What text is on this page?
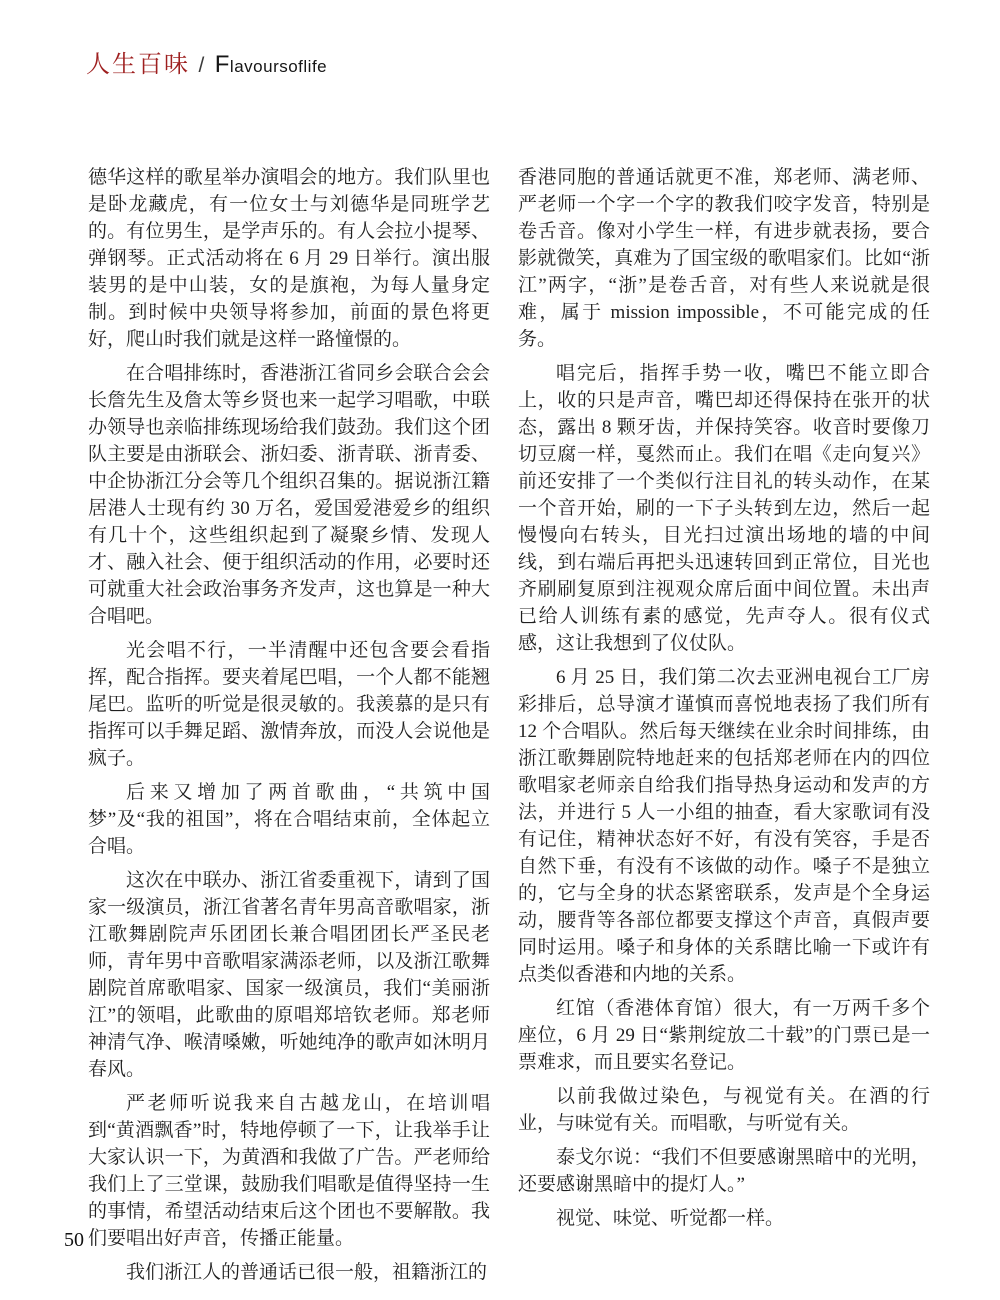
人生百味 / Flavoursoflife

德华这样的歌星举办演唱会的地方。我们队里也是卧龙藏虎，有一位女士与刘德华是同班学艺的。有位男生，是学声乐的。有人会拉小提琴、弹钢琴。正式活动将在 6 月 29 日举行。演出服装男的是中山装，女的是旗袍，为每人量身定制。到时候中央领导将参加，前面的景色将更好，爬山时我们就是这样一路憧憬的。

在合唱排练时，香港浙江省同乡会联合会会长詹先生及詹太等乡贤也来一起学习唱歌，中联办领导也亲临排练现场给我们鼓劲。我们这个团队主要是由浙联会、浙妇委、浙青联、浙青委、中企协浙江分会等几个组织召集的。据说浙江籍居港人士现有约 30 万名，爱国爱港爱乡的组织有几十个，这些组织起到了凝聚乡情、发现人才、融入社会、便于组织活动的作用，必要时还可就重大社会政治事务齐发声，这也算是一种大合唱吧。

光会唱不行，一半清醒中还包含要会看指挥，配合指挥。要夹着尾巴唱，一个人都不能翘尾巴。监听的听觉是很灵敏的。我羡慕的是只有指挥可以手舞足蹈、激情奔放，而没人会说他是疯子。

后来又增加了两首歌曲，“共筑中国梦”及“我的祖国”，将在合唱结束前，全体起立合唱。

这次在中联办、浙江省委重视下，请到了国家一级演员，浙江省著名青年男高音歌唱家，浙江歌舞剧院声乐团团长兼合唱团团长严圣民老师，青年男中音歌唱家满添老师，以及浙江歌舞剧院首席歌唱家、国家一级演员，我们“美丽浙江”的领唱，此歌曲的原唱郑培钦老师。郑老师神清气净、喉清嗓嫩，听她纯净的歌声如沐明月春风。

严老师听说我来自古越龙山，在培训唱到“黄酒飘香”时，特地停顿了一下，让我举手让大家认识一下，为黄酒和我做了广告。严老师给我们上了三堂课，鼓励我们唱歌是值得坚持一生的事情，希望活动结束后这个团也不要解散。我们要唱出好声音，传播正能量。

我们浙江人的普通话已很一般，祖籍浙江的

香港同胞的普通话就更不准，郑老师、满老师、严老师一个字一个字的教我们咬字发音，特别是卷舌音。像对小学生一样，有进步就表扬，要合影就微笑，真难为了国宝级的歌唱家们。比如“浙江”两字，“浙”是卷舌音，对有些人来说就是很难，属于 mission impossible，不可能完成的任务。

唱完后，指挥手势一收，嘴巴不能立即合上，收的只是声音，嘴巴却还得保持在张开的状态，露出 8 颗牙齿，并保持笑容。收音时要像刀切豆腐一样，戛然而止。我们在唱《走向复兴》前还安排了一个类似行注目礼的转头动作，在某一个音开始，刷的一下子头转到左边，然后一起慢慢向右转头，目光扫过演出场地的墙的中间线，到右端后再把头迅速转回到正常位，目光也齐刷刷复原到注视观众席后面中间位置。未出声已给人训练有素的感觉，先声夺人。很有仪式感，这让我想到了仪仗队。

6 月 25 日，我们第二次去亚洲电视台工厂房彩排后，总导演才谨慎而喜悦地表扬了我们所有 12 个合唱队。然后每天继续在业余时间排练，由浙江歌舞剧院特地赶来的包括郑老师在内的四位歌唱家老师亲自给我们指导热身运动和发声的方法，并进行 5 人一小组的抽查，看大家歌词有没有记住，精神状态好不好，有没有笑容，手是否自然下垂，有没有不该做的动作。嗓子不是独立的，它与全身的状态紧密联系，发声是个全身运动，腰背等各部位都要支撑这个声音，真假声要同时运用。嗓子和身体的关系瞎比喻一下或许有点类似香港和内地的关系。

红馆（香港体育馆）很大，有一万两千多个座位，6 月 29 日“紫荆绽放二十载”的门票已是一票难求，而且要实名登记。

以前我做过染色，与视觉有关。在酒的行业，与味觉有关。而唱歌，与听觉有关。

泰戈尔说：“我们不但要感谢黑暗中的光明，还要感谢黑暗中的提灯人。”

视觉、味觉、听觉都一样。

50
